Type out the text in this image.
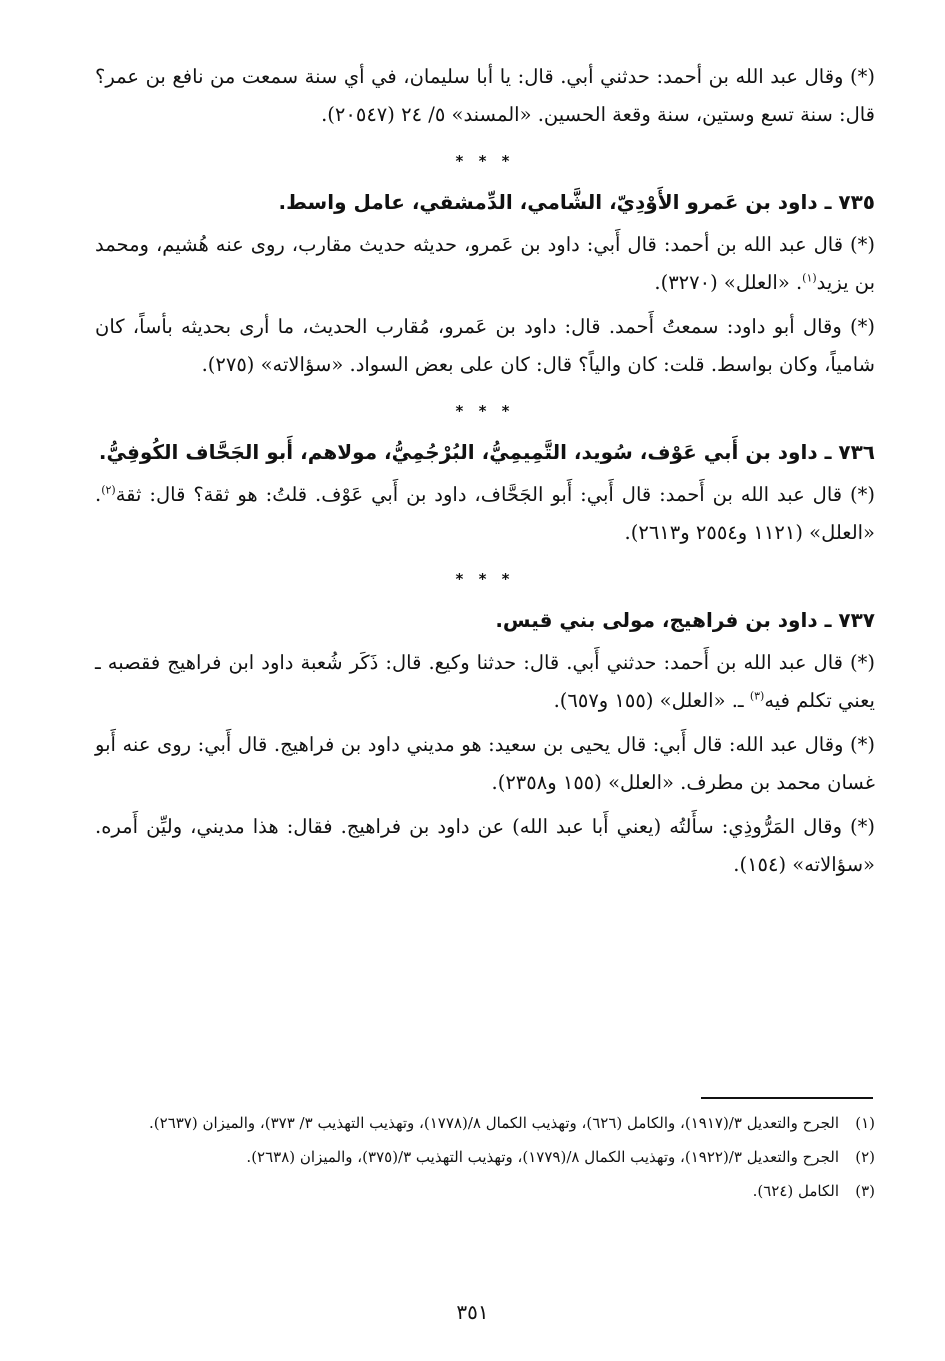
(*) وقال عبد الله بن أحمد: حدثني أبي. قال: يا أبا سليمان، في أي سنة سمعت من نافع بن عمر؟ قال: سنة تسع وستين، سنة وقعة الحسين. «المسند» ٥/ ٢٤ (٢٠٥٤٧).

* * *
٧٣٥ ـ داود بن عَمرو الأَوْدِيّ، الشَّامي، الدِّمشقي، عامل واسط.

(*) قال عبد الله بن أحمد: قال أَبي: داود بن عَمرو، حديثه حديث مقارب، روى عنه هُشيم، ومحمد بن يزيد$^{(١)}$. «العلل» (٣٢٧٠).

(*) وقال أبو داود: سمعتُ أَحمد. قال: داود بن عَمرو، مُقارب الحديث، ما أرى بحديثه بأساً، كان شامياً، وكان بواسط. قلت: كان والياً؟ قال: كان على بعض السواد. «سؤالاته» (٢٧٥).

* * *
٧٣٦ ـ داود بن أَبي عَوْف، سُويد، التَّمِيمِيُّ، البُرْجُمِيُّ، مولاهم، أَبو الجَحَّاف الكُوفِيُّ.

(*) قال عبد الله بن أَحمد: قال أَبي: أَبو الجَحَّاف، داود بن أَبي عَوْف. قلتُ: هو ثقة؟ قال: ثقة$^{(٢)}$. «العلل» (١١٢١ و٢٥٥٤ و٢٦١٣).

* * *
٧٣٧ ـ داود بن فراهيج، مولى بني قيس.

(*) قال عبد الله بن أَحمد: حدثني أَبي. قال: حدثنا وكيع. قال: ذَكَر شُعبة داود ابن فراهيج فقصبه ـ يعني تكلم فيه$^{(٣)}$ ـ. «العلل» (١٥٥ و٦٥٧).

(*) وقال عبد الله: قال أَبي: قال يحيى بن سعيد: هو مديني داود بن فراهيج. قال أَبي: روى عنه أَبو غسان محمد بن مطرف. «العلل» (١٥٥ و٢٣٥٨).

(*) وقال المَرُّوذِي: سأَلتُه (يعني أَبا عبد الله) عن داود بن فراهيج. فقال: هذا مديني، وليِّن أَمره. «سؤالاته» (١٥٤).

(١)
الجرح والتعديل ٣/(١٩١٧)، والكامل (٦٢٦)، وتهذيب الكمال ٨/(١٧٧٨)، وتهذيب التهذيب ٣/ ٣٧٣)، والميزان (٢٦٣٧).
(٢)
الجرح والتعديل ٣/(١٩٢٢)، وتهذيب الكمال ٨/(١٧٧٩)، وتهذيب التهذيب ٣/(٣٧٥)، والميزان (٢٦٣٨).
(٣)
الكامل (٦٢٤).
٣٥١
